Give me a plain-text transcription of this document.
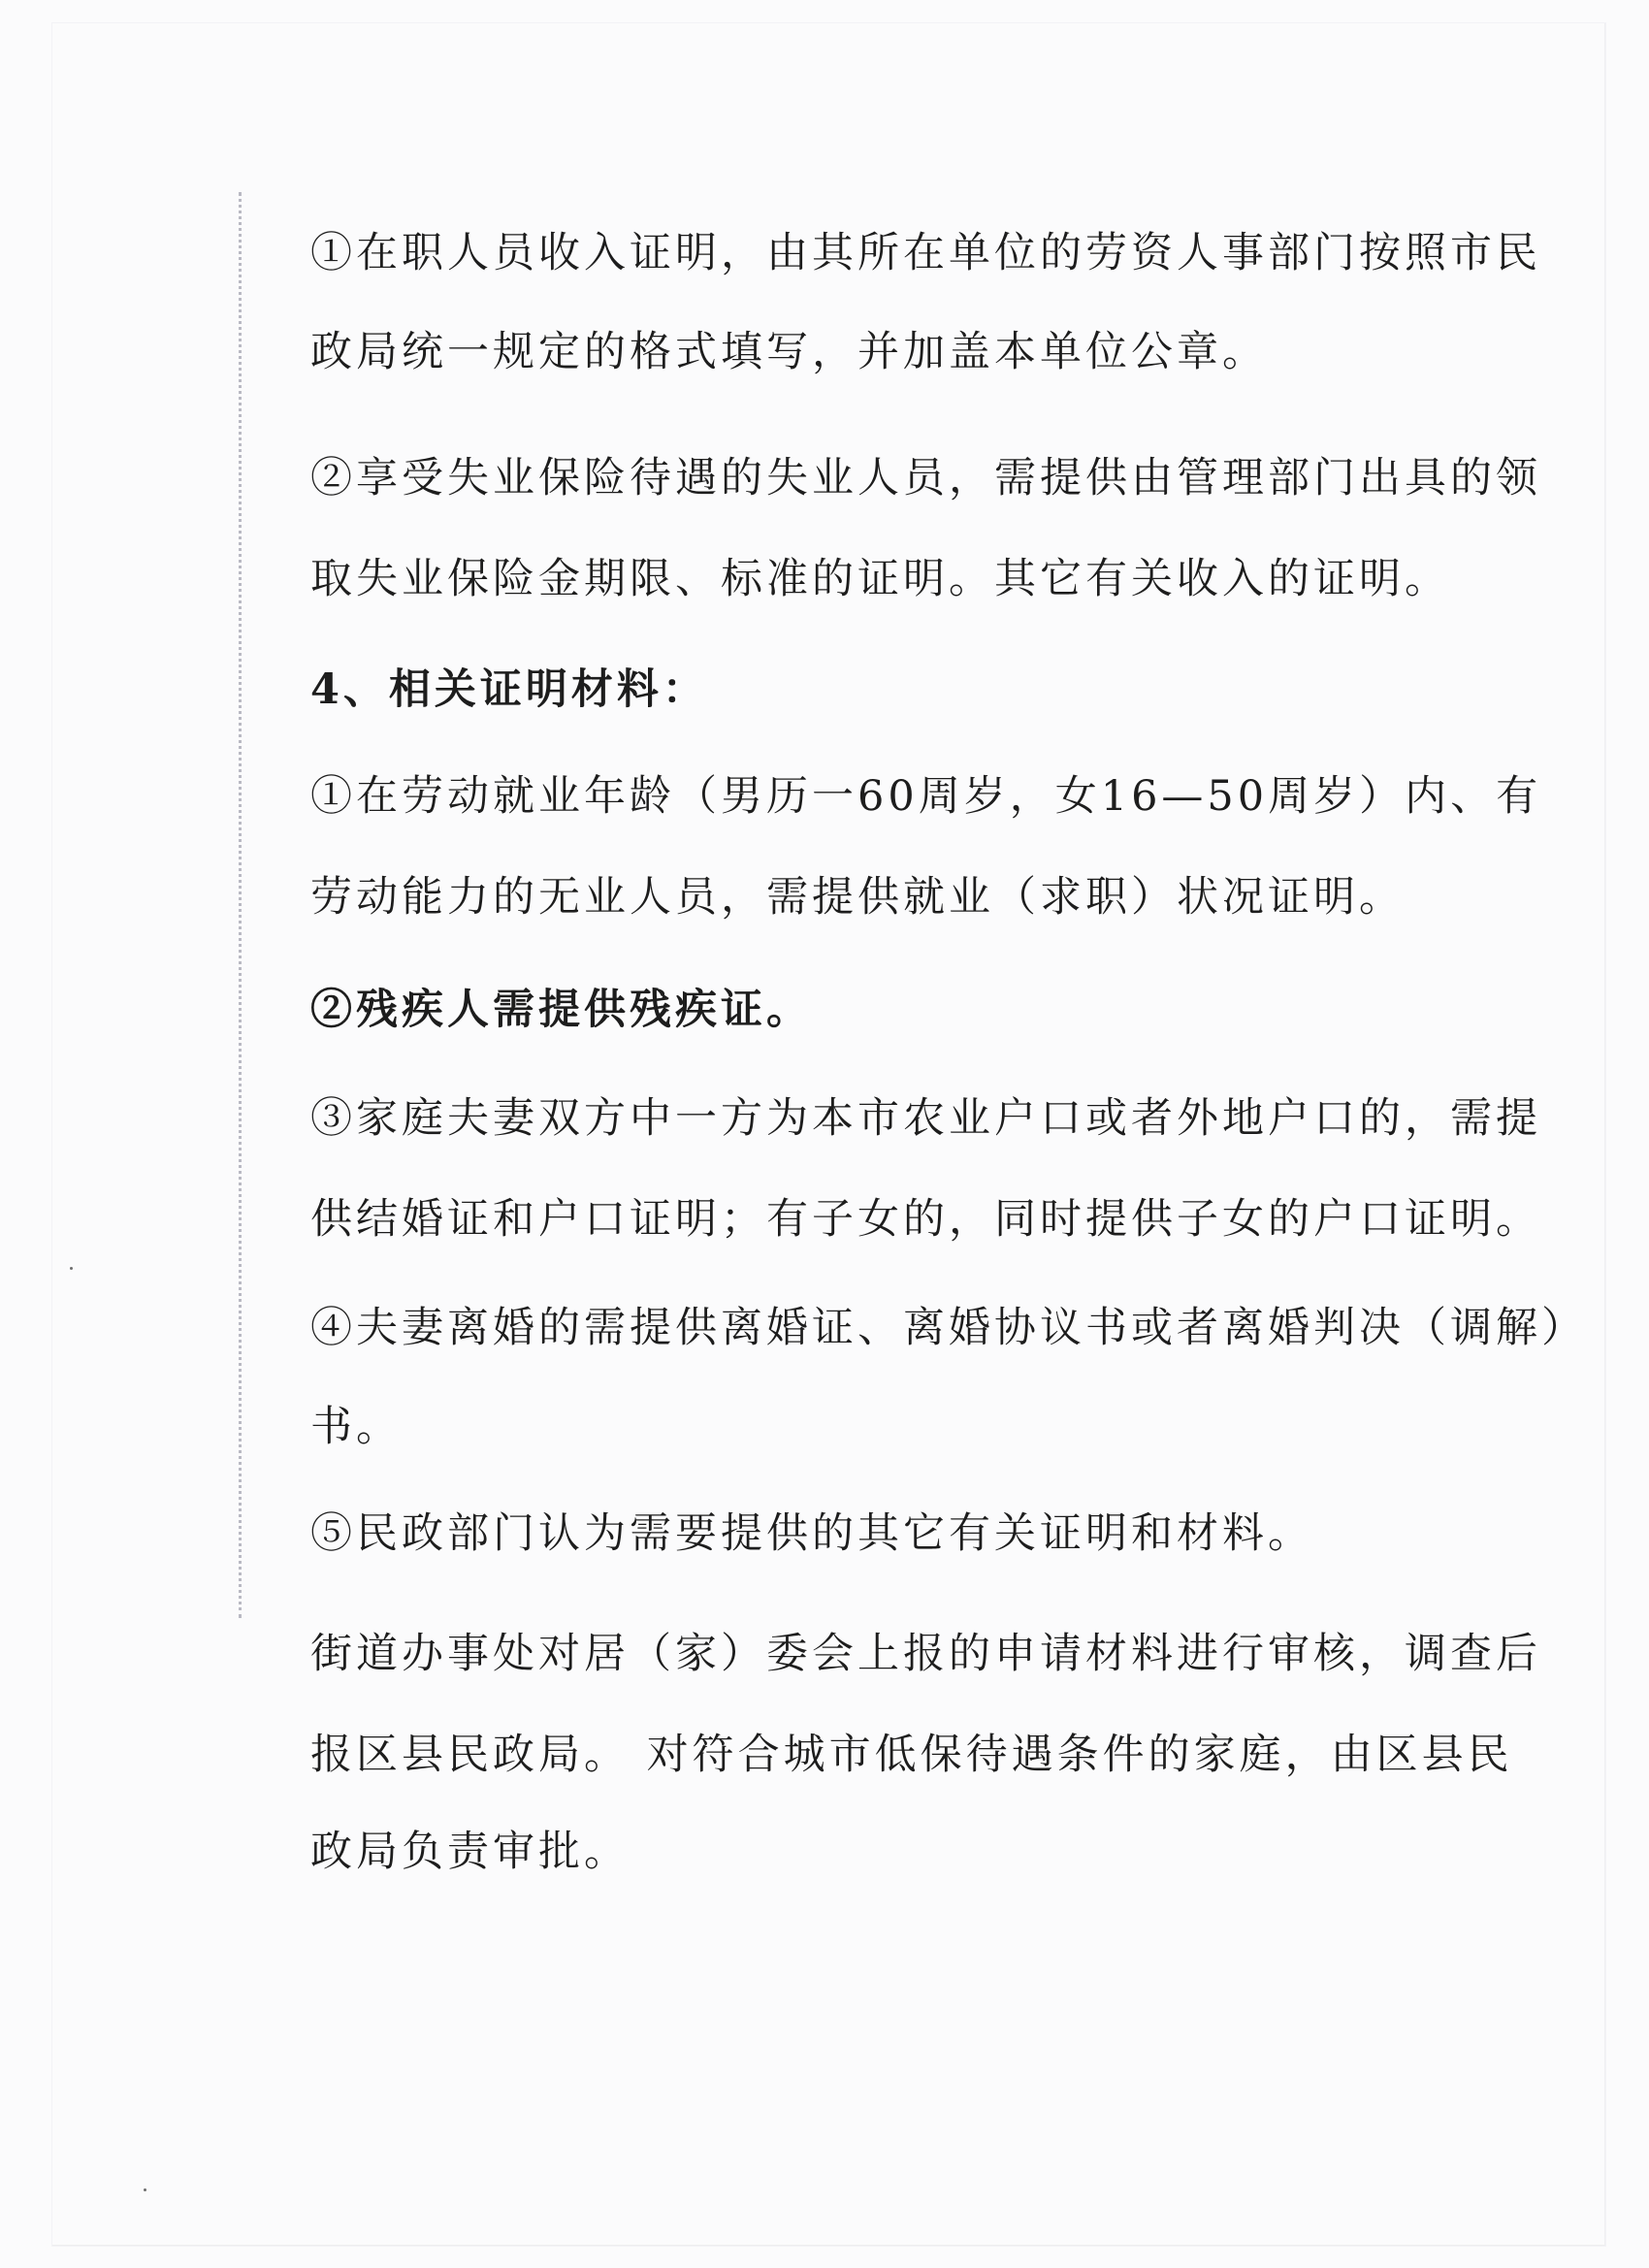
①在职人员收入证明，由其所在单位的劳资人事部门按照市民
政局统一规定的格式填写，并加盖本单位公章。
②享受失业保险待遇的失业人员，需提供由管理部门出具的领
取失业保险金期限、标准的证明。其它有关收入的证明。
4、相关证明材料：
①在劳动就业年龄（男历一60周岁，女16—50周岁）内、有
劳动能力的无业人员，需提供就业（求职）状况证明。
②残疾人需提供残疾证。
③家庭夫妻双方中一方为本市农业户口或者外地户口的，需提
供结婚证和户口证明；有子女的，同时提供子女的户口证明。
④夫妻离婚的需提供离婚证、离婚协议书或者离婚判决（调解）
书。
⑤民政部门认为需要提供的其它有关证明和材料。
街道办事处对居（家）委会上报的申请材料进行审核，调查后
报区县民政局。 对符合城市低保待遇条件的家庭，由区县民
政局负责审批。
